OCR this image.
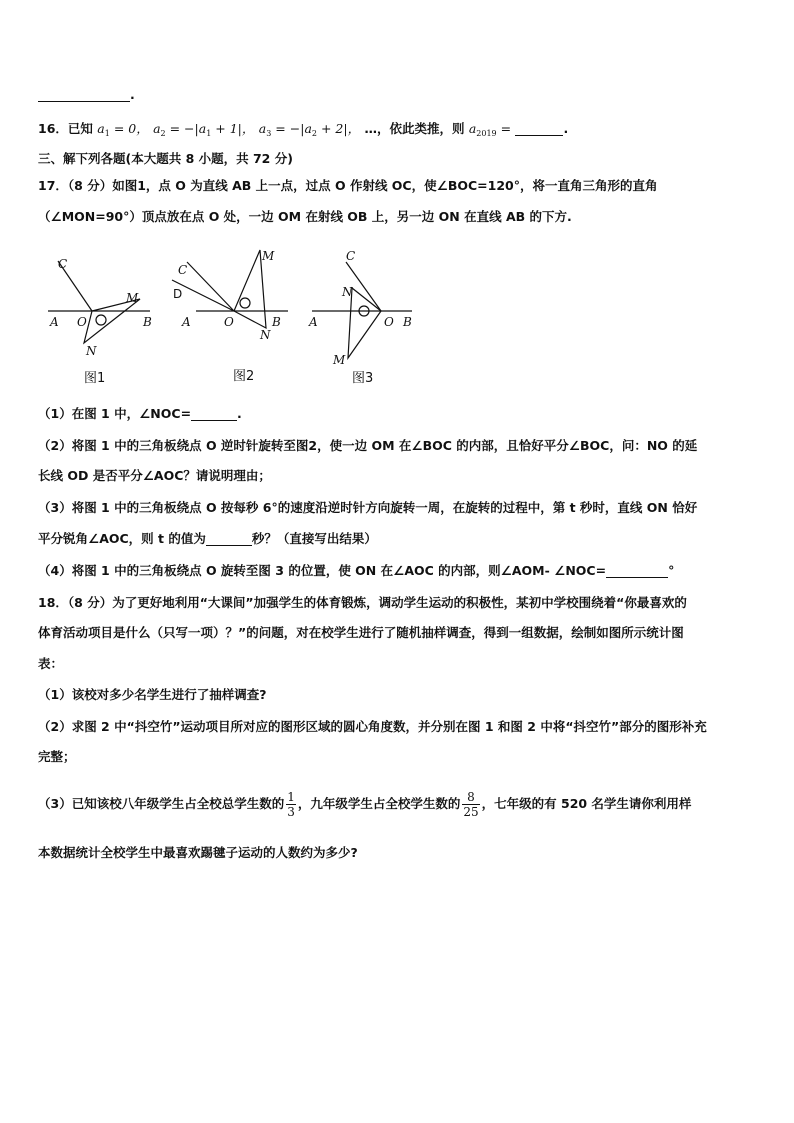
.
16．已知 $a_1 = 0$， $a_2 = -|a_1 + 1|$， $a_3 = -|a_2 + 2|$， …，依此类推，则 $a_{2019}$ =	.
三、解下列各题(本大题共 8 小题，共 72 分)
17．（8 分）如图1，点 O 为直线 AB 上一点，过点 O 作射线 OC，使∠BOC=120°，将一直角三角形的直角
（∠MON=90°）顶点放在点 O 处，一边 OM 在射线 OB 上，另一边 ON 在直线 AB 的下方.
C
A O
M
B
N
C
D
M
A	O	B
N
C
N
A	O B
M
图1	图2	图3
（1）在图 1 中，∠NOC=	.
（2）将图 1 中的三角板绕点 O 逆时针旋转至图2，使一边 OM 在∠BOC 的内部，且恰好平分∠BOC，问：NO 的延
长线 OD 是否平分∠AOC？请说明理由；
（3）将图 1 中的三角板绕点 O 按每秒 6°的速度沿逆时针方向旋转一周，在旋转的过程中，第 t 秒时，直线 ON 恰好
平分锐角∠AOC，则 t 的值为	秒？（直接写出结果）
（4）将图 1 中的三角板绕点 O 旋转至图 3 的位置，使 ON 在∠AOC 的内部，则∠AOM- ∠NOC=	°
18．（8 分）为了更好地利用“大课间”加强学生的体育锻炼，调动学生运动的积极性，某初中学校围绕着“你最喜欢的
体育活动项目是什么（只写一项）？”的问题，对在校学生进行了随机抽样调查，得到一组数据，绘制如图所示统计图
表：
（1）该校对多少名学生进行了抽样调查?
（2）求图 2 中“抖空竹”运动项目所对应的图形区域的圆心角度数，并分别在图 1 和图 2 中将“抖空竹”部分的图形补充
完整；
（3）已知该校八年级学生占全校总学生数的 $\frac{1}{3}$ ，九年级学生占全校学生数的 $\frac{8}{25}$ ，七年级的有 520 名学生请你利用样
本数据统计全校学生中最喜欢踢毽子运动的人数约为多少?
